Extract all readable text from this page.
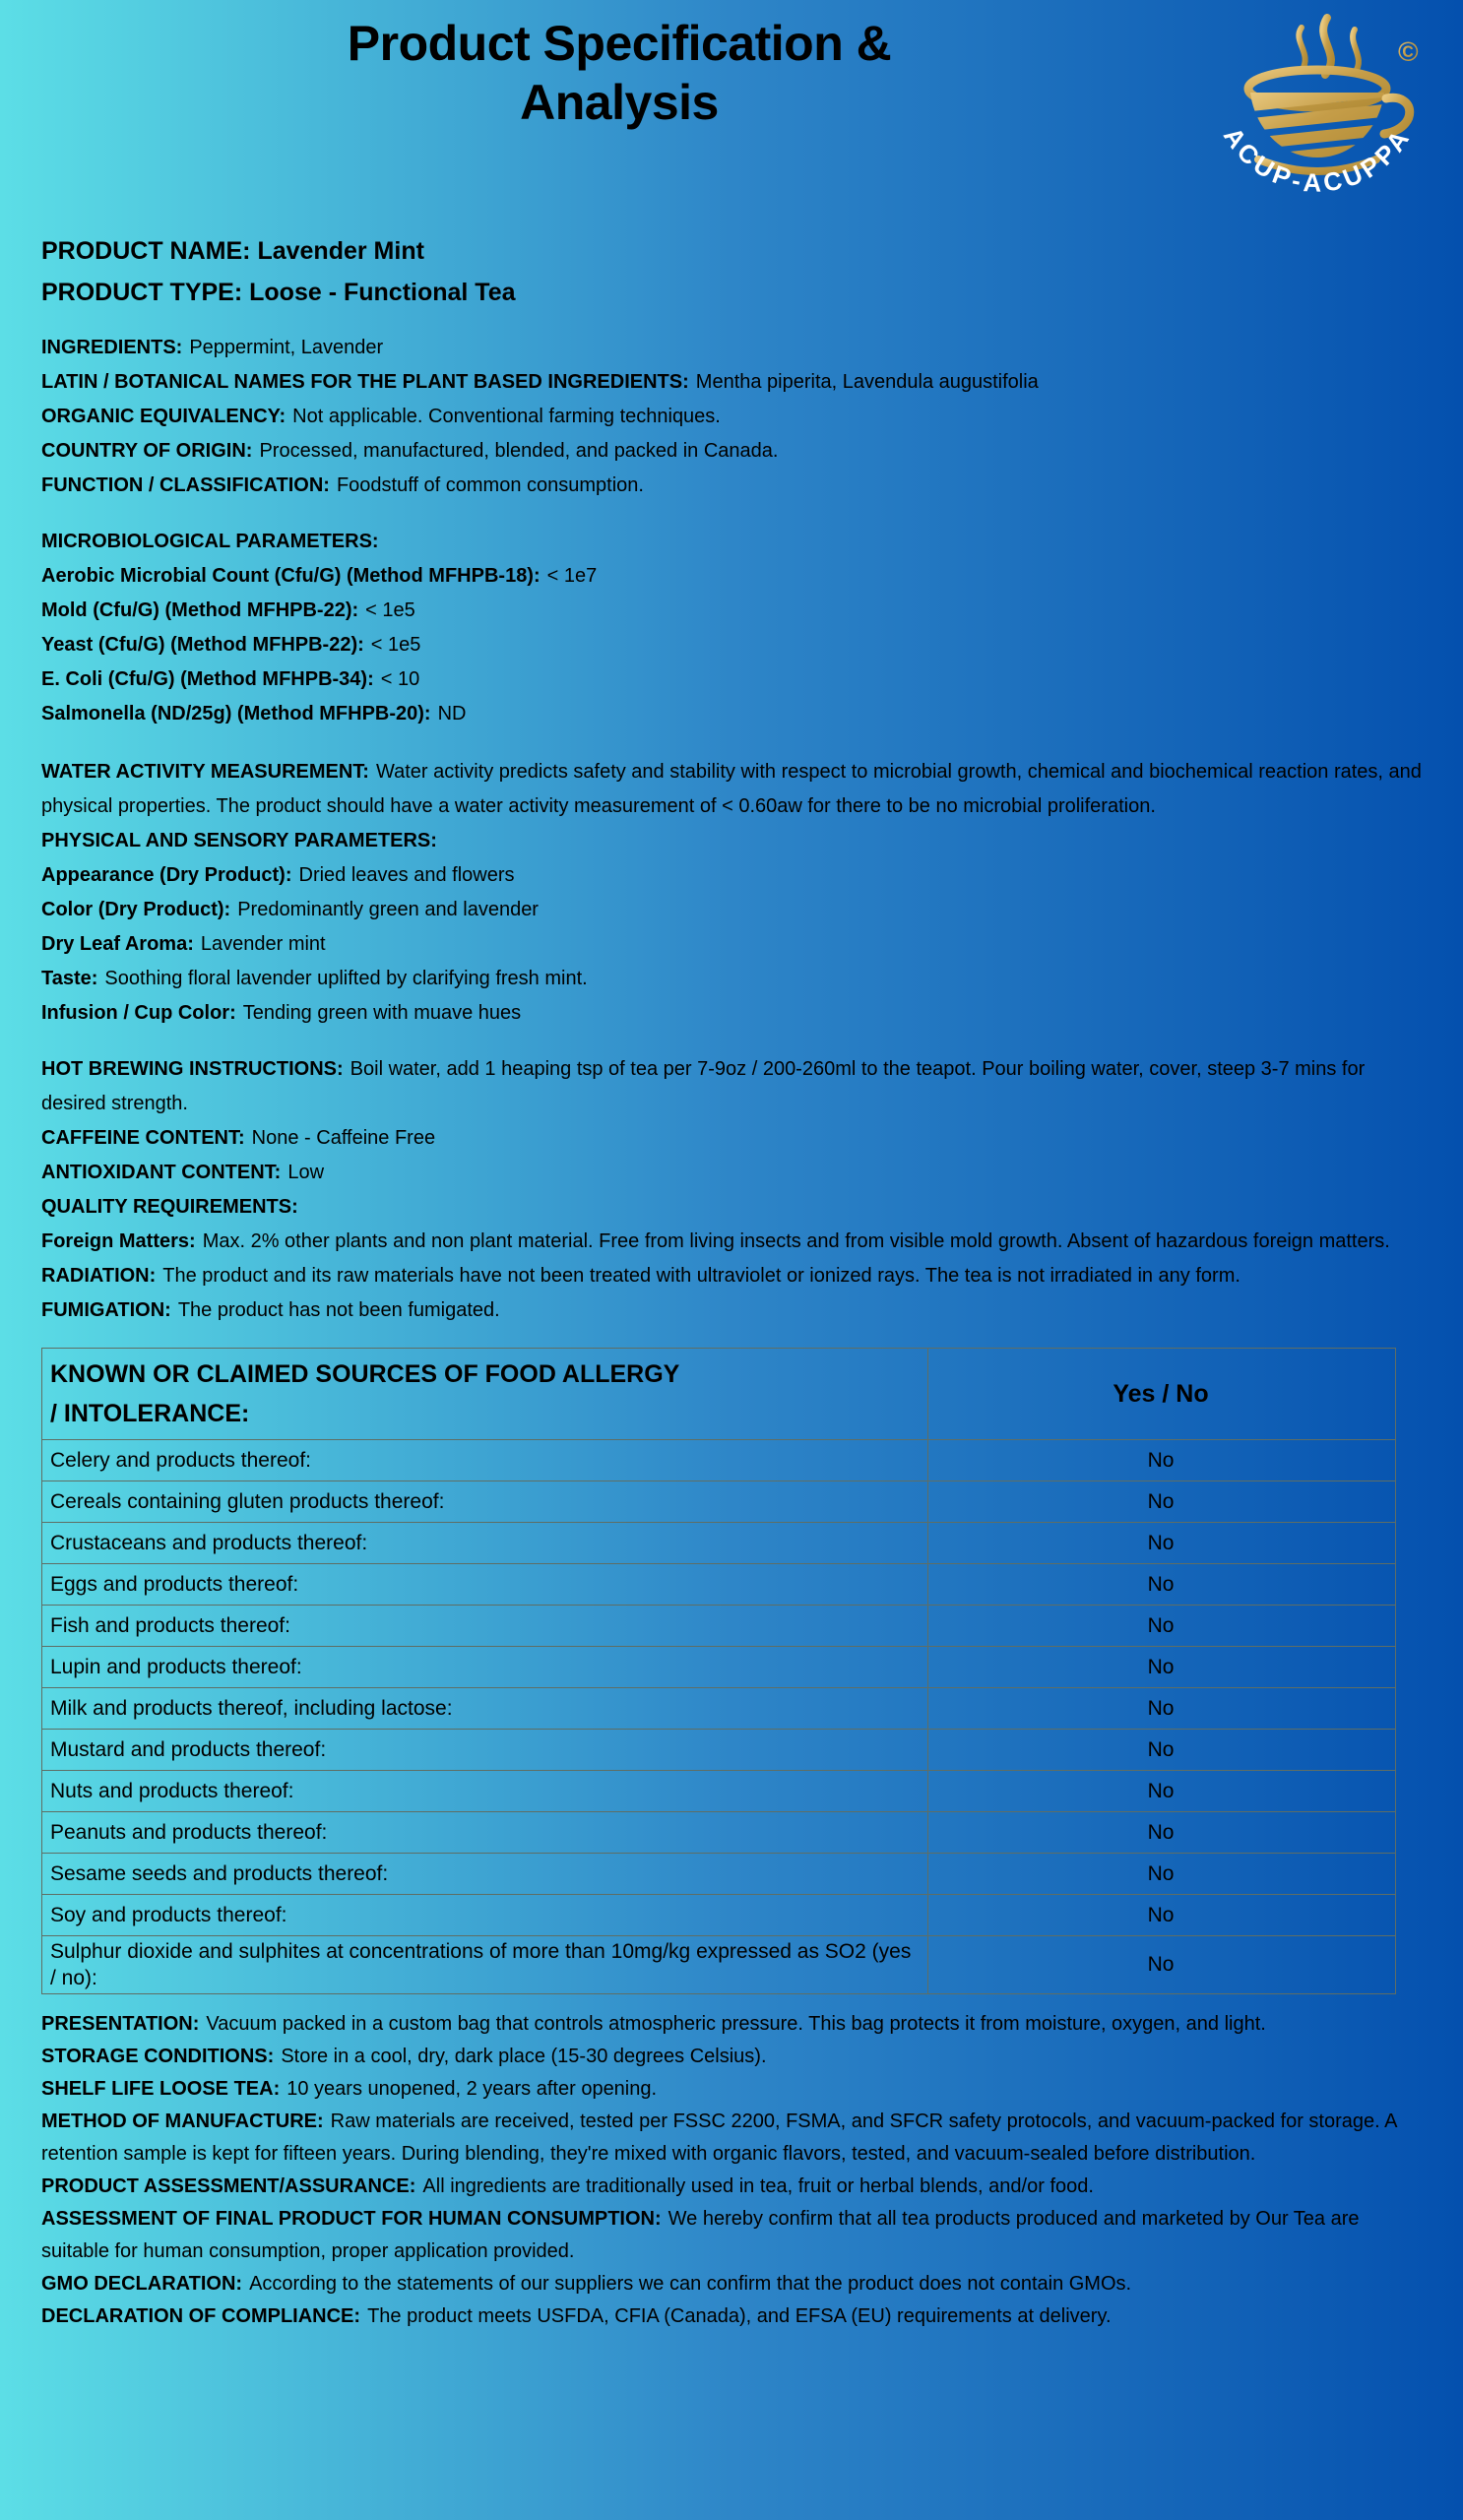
Product Specification & Analysis
©
ACUP-ACUPPA

PRODUCT NAME: Lavender Mint

PRODUCT TYPE: Loose - Functional Tea

INGREDIENTS: Peppermint, Lavender

LATIN / BOTANICAL NAMES FOR THE PLANT BASED INGREDIENTS: Mentha piperita, Lavendula augustifolia

ORGANIC EQUIVALENCY: Not applicable. Conventional farming techniques.

COUNTRY OF ORIGIN: Processed, manufactured, blended, and packed in Canada.

FUNCTION / CLASSIFICATION: Foodstuff of common consumption.

MICROBIOLOGICAL PARAMETERS:

Aerobic Microbial Count (Cfu/G) (Method MFHPB-18): < 1e7

Mold (Cfu/G) (Method MFHPB-22): < 1e5

Yeast (Cfu/G) (Method MFHPB-22): < 1e5

E. Coli (Cfu/G) (Method MFHPB-34): < 10

Salmonella (ND/25g) (Method MFHPB-20): ND

WATER ACTIVITY MEASUREMENT: Water activity predicts safety and stability with respect to microbial growth, chemical and biochemical reaction rates, and physical properties. The product should have a water activity measurement of < 0.60aw for there to be no microbial proliferation.

PHYSICAL AND SENSORY PARAMETERS:

Appearance (Dry Product): Dried leaves and flowers

Color (Dry Product): Predominantly green and lavender

Dry Leaf Aroma: Lavender mint

Taste: Soothing floral lavender uplifted by clarifying fresh mint.

Infusion / Cup Color: Tending green with muave hues

HOT BREWING INSTRUCTIONS: Boil water, add 1 heaping tsp of tea per 7-9oz / 200-260ml to the teapot. Pour boiling water, cover, steep 3-7 mins for desired strength.

CAFFEINE CONTENT: None - Caffeine Free

ANTIOXIDANT CONTENT: Low

QUALITY REQUIREMENTS:

Foreign Matters: Max. 2% other plants and non plant material. Free from living insects and from visible mold growth. Absent of hazardous foreign matters.

RADIATION: The product and its raw materials have not been treated with ultraviolet or ionized rays. The tea is not irradiated in any form.

FUMIGATION: The product has not been fumigated.

KNOWN OR CLAIMED SOURCES OF FOOD ALLERGY / INTOLERANCE:	Yes / No
Celery and products thereof:	No
Cereals containing gluten products thereof:	No
Crustaceans and products thereof:	No
Eggs and products thereof:	No
Fish and products thereof:	No
Lupin and products thereof:	No
Milk and products thereof, including lactose:	No
Mustard and products thereof:	No
Nuts and products thereof:	No
Peanuts and products thereof:	No
Sesame seeds and products thereof:	No
Soy and products thereof:	No
Sulphur dioxide and sulphites at concentrations of more than 10mg/kg expressed as SO2 (yes / no):	No

PRESENTATION: Vacuum packed in a custom bag that controls atmospheric pressure. This bag protects it from moisture, oxygen, and light.

STORAGE CONDITIONS: Store in a cool, dry, dark place (15-30 degrees Celsius).

SHELF LIFE LOOSE TEA: 10 years unopened, 2 years after opening.

METHOD OF MANUFACTURE: Raw materials are received, tested per FSSC 2200, FSMA, and SFCR safety protocols, and vacuum-packed for storage. A retention sample is kept for fifteen years. During blending, they're mixed with organic flavors, tested, and vacuum-sealed before distribution.

PRODUCT ASSESSMENT/ASSURANCE: All ingredients are traditionally used in tea, fruit or herbal blends, and/or food.

ASSESSMENT OF FINAL PRODUCT FOR HUMAN CONSUMPTION: We hereby confirm that all tea products produced and marketed by Our Tea are suitable for human consumption, proper application provided.

GMO DECLARATION: According to the statements of our suppliers we can confirm that the product does not contain GMOs.

DECLARATION OF COMPLIANCE: The product meets USFDA, CFIA (Canada), and EFSA (EU) requirements at delivery.
